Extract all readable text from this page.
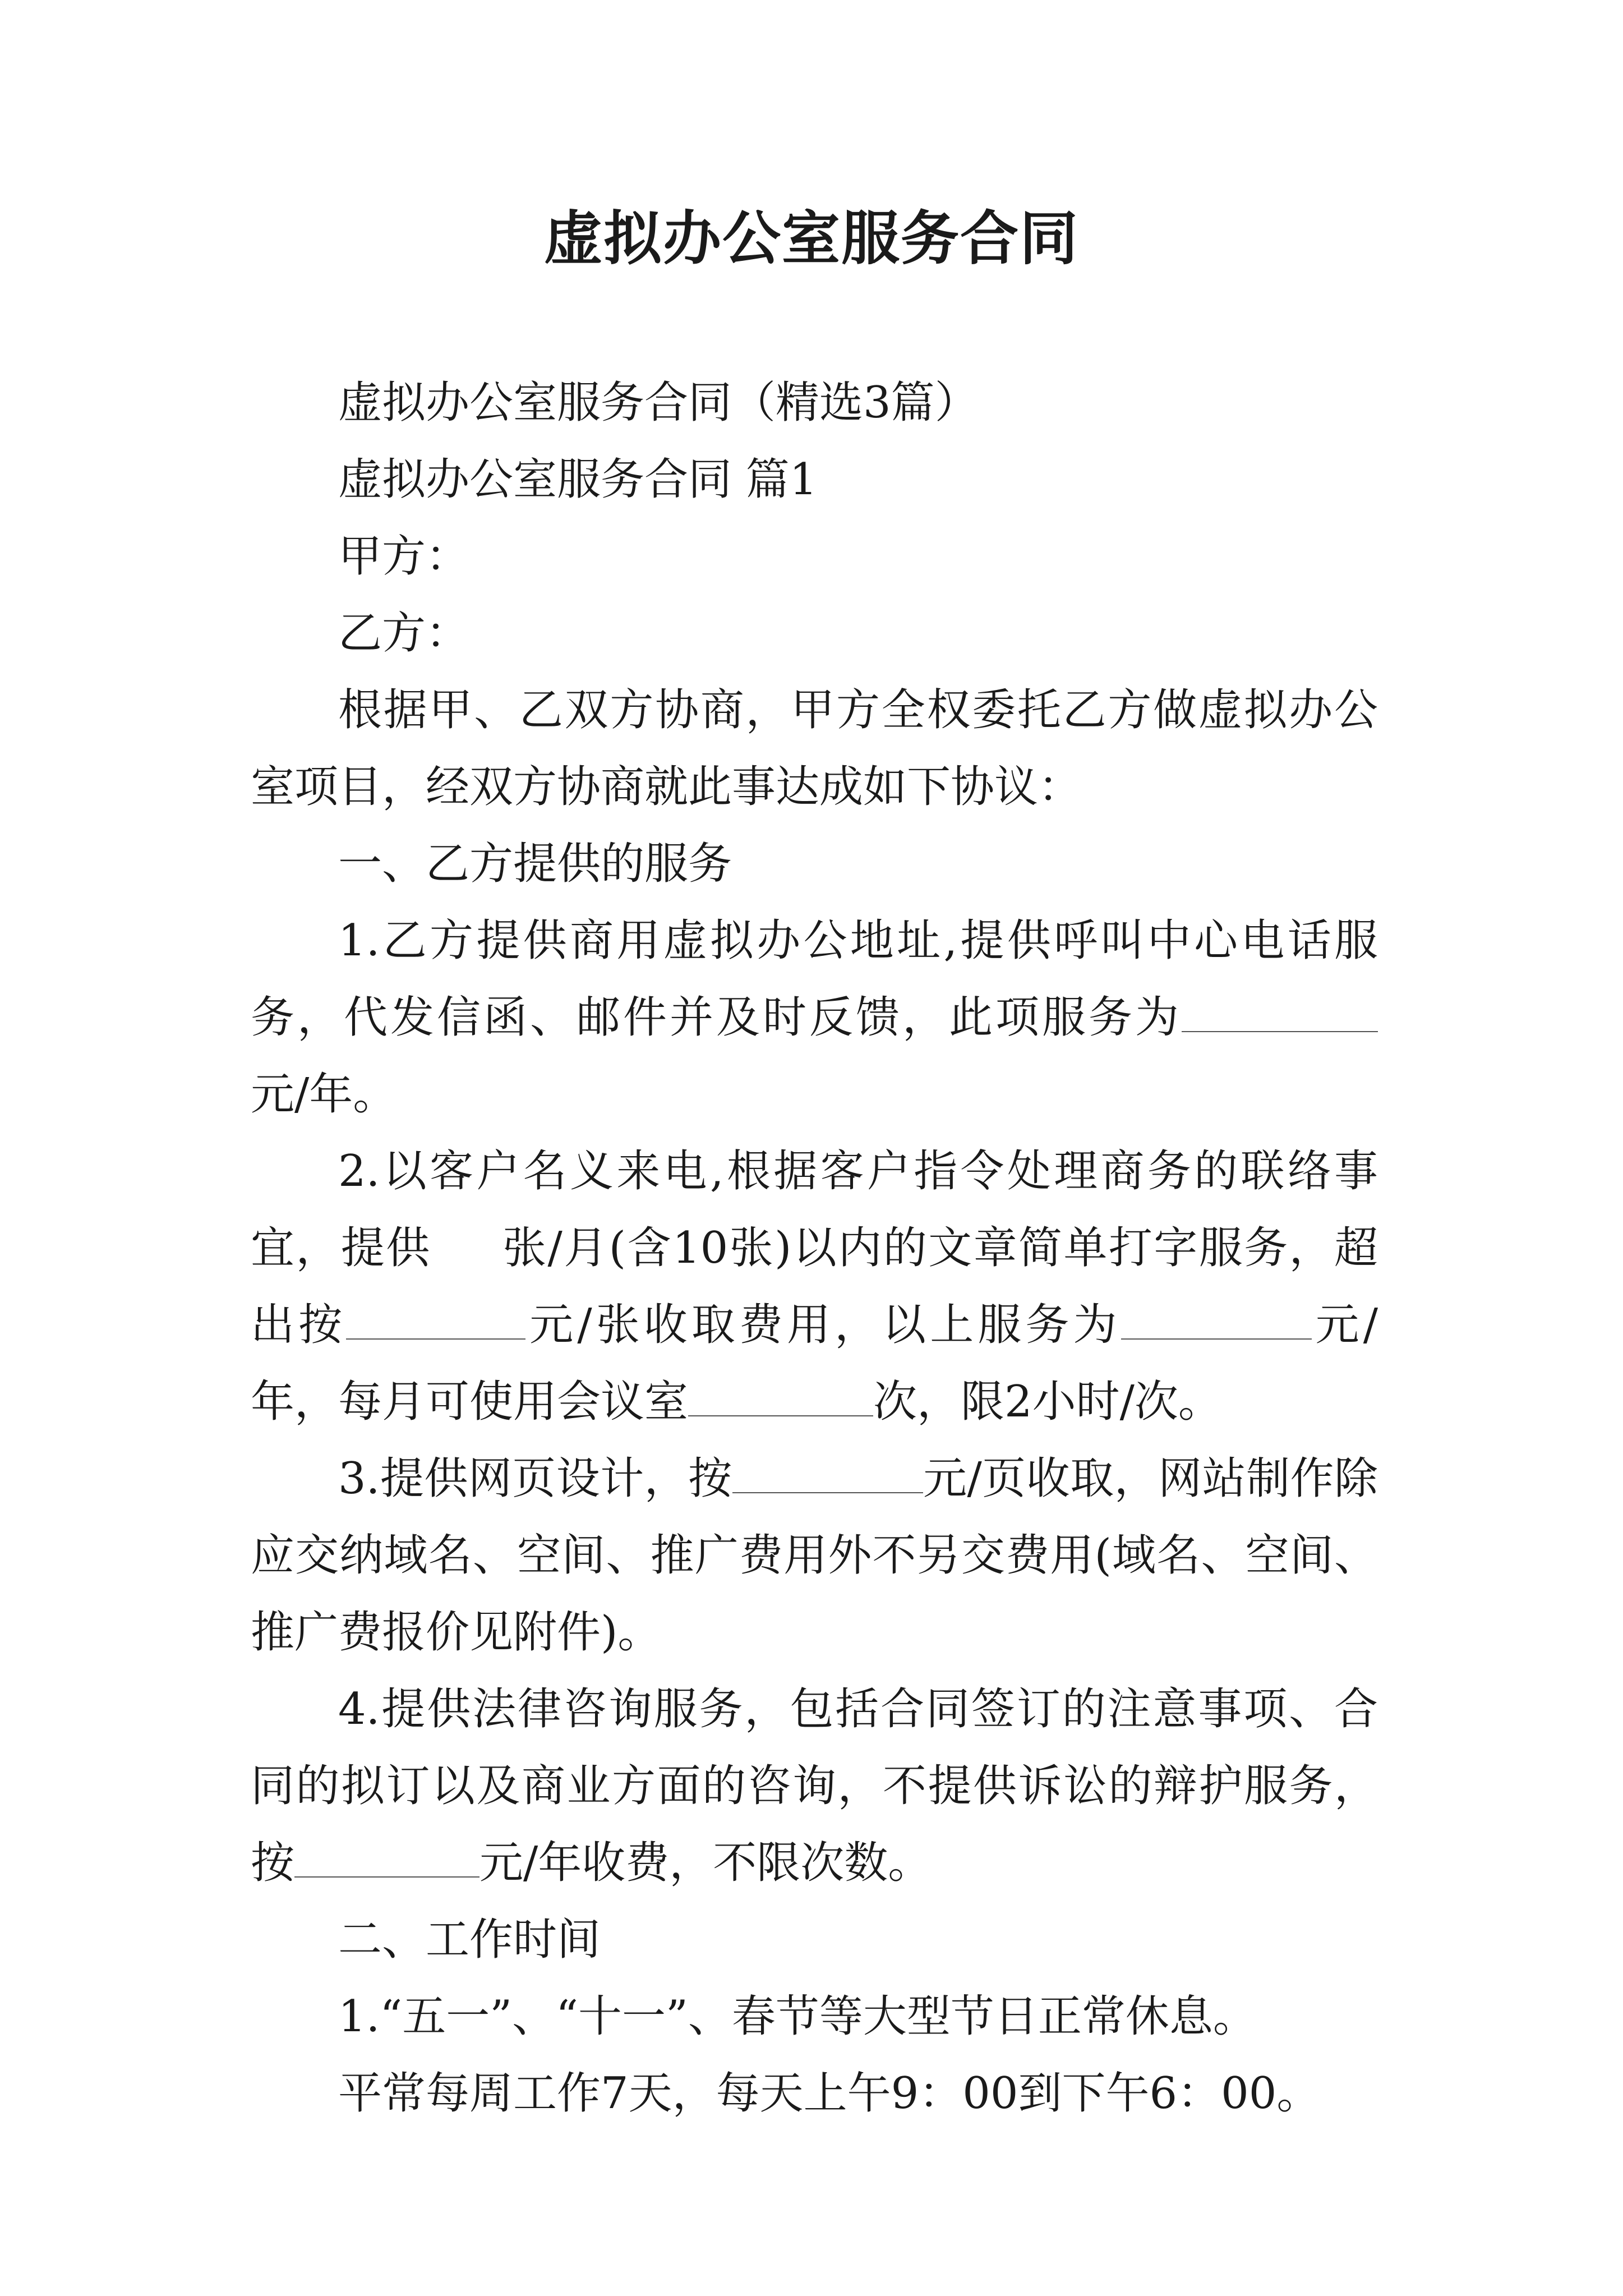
虚拟办公室服务合同

虚拟办公室服务合同（精选3篇）

虚拟办公室服务合同 篇1

甲方：

乙方：

根据甲、乙双方协商，甲方全权委托乙方做虚拟办公室项目，经双方协商就此事达成如下协议：

一、乙方提供的服务

1.乙方提供商用虚拟办公地址,提供呼叫中心电话服务，代发信函、邮件并及时反馈，此项服务为元/年。

2.以客户名义来电,根据客户指令处理商务的联络事宜，提供 张/月(含10张)以内的文章简单打字服务，超出按	元/张收取费用，以上服务为	元/年，每月可使用会议室	次，限2小时/次。

3.提供网页设计，按	元/页收取，网站制作除应交纳域名、空间、推广费用外不另交费用(域名、空间、推广费报价见附件)。

4.提供法律咨询服务，包括合同签订的注意事项、合同的拟订以及商业方面的咨询，不提供诉讼的辩护服务，按	元/年收费，不限次数。

二、工作时间

1.“五一”、“十一”、春节等大型节日正常休息。

平常每周工作7天，每天上午9：00到下午6：00。
